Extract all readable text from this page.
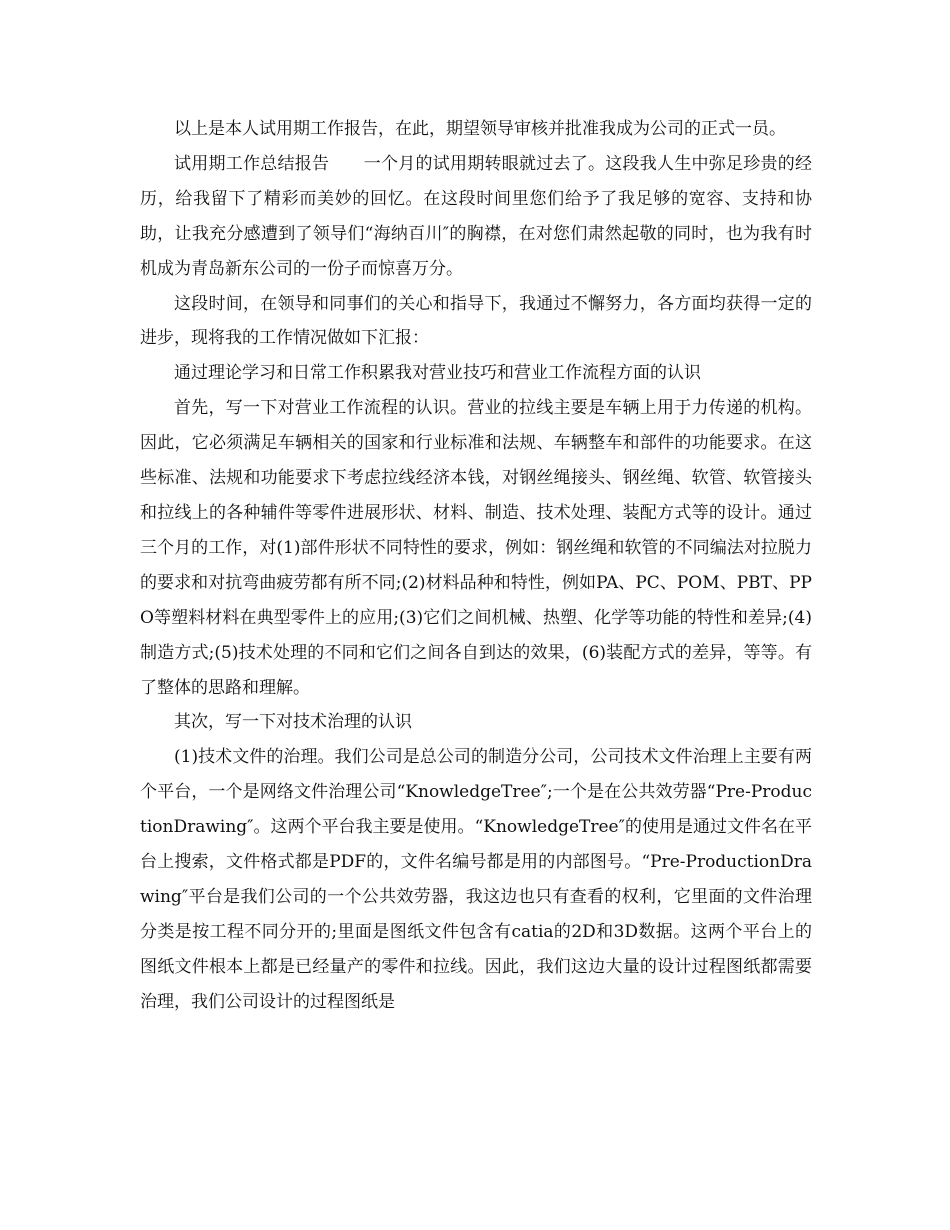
以上是本人试用期工作报告，在此，期望领导审核并批准我成为公司的正式一员。

试用期工作总结报告　　一个月的试用期转眼就过去了。这段我人生中弥足珍贵的经历，给我留下了精彩而美妙的回忆。在这段时间里您们给予了我足够的宽容、支持和协助，让我充分感遭到了领导们“海纳百川″的胸襟，在对您们肃然起敬的同时，也为我有时机成为青岛新东公司的一份子而惊喜万分。

这段时间，在领导和同事们的关心和指导下，我通过不懈努力，各方面均获得一定的进步，现将我的工作情况做如下汇报：

通过理论学习和日常工作积累我对营业技巧和营业工作流程方面的认识

首先，写一下对营业工作流程的认识。营业的拉线主要是车辆上用于力传递的机构。因此，它必须满足车辆相关的国家和行业标准和法规、车辆整车和部件的功能要求。在这些标准、法规和功能要求下考虑拉线经济本钱，对钢丝绳接头、钢丝绳、软管、软管接头和拉线上的各种辅件等零件进展形状、材料、制造、技术处理、装配方式等的设计。通过三个月的工作，对(1)部件形状不同特性的要求，例如：钢丝绳和软管的不同编法对拉脱力的要求和对抗弯曲疲劳都有所不同;(2)材料品种和特性，例如PA、PC、POM、PBT、PPO等塑料材料在典型零件上的应用;(3)它们之间机械、热塑、化学等功能的特性和差异;(4)制造方式;(5)技术处理的不同和它们之间各自到达的效果，(6)装配方式的差异，等等。有了整体的思路和理解。

其次，写一下对技术治理的认识

(1)技术文件的治理。我们公司是总公司的制造分公司，公司技术文件治理上主要有两个平台，一个是网络文件治理公司“KnowledgeTree″;一个是在公共效劳器“Pre-ProductionDrawing″。这两个平台我主要是使用。“KnowledgeTree″的使用是通过文件名在平台上搜索，文件格式都是PDF的，文件名编号都是用的内部图号。“Pre-ProductionDrawing″平台是我们公司的一个公共效劳器，我这边也只有查看的权利，它里面的文件治理分类是按工程不同分开的;里面是图纸文件包含有catia的2D和3D数据。这两个平台上的图纸文件根本上都是已经量产的零件和拉线。因此，我们这边大量的设计过程图纸都需要治理，我们公司设计的过程图纸是
